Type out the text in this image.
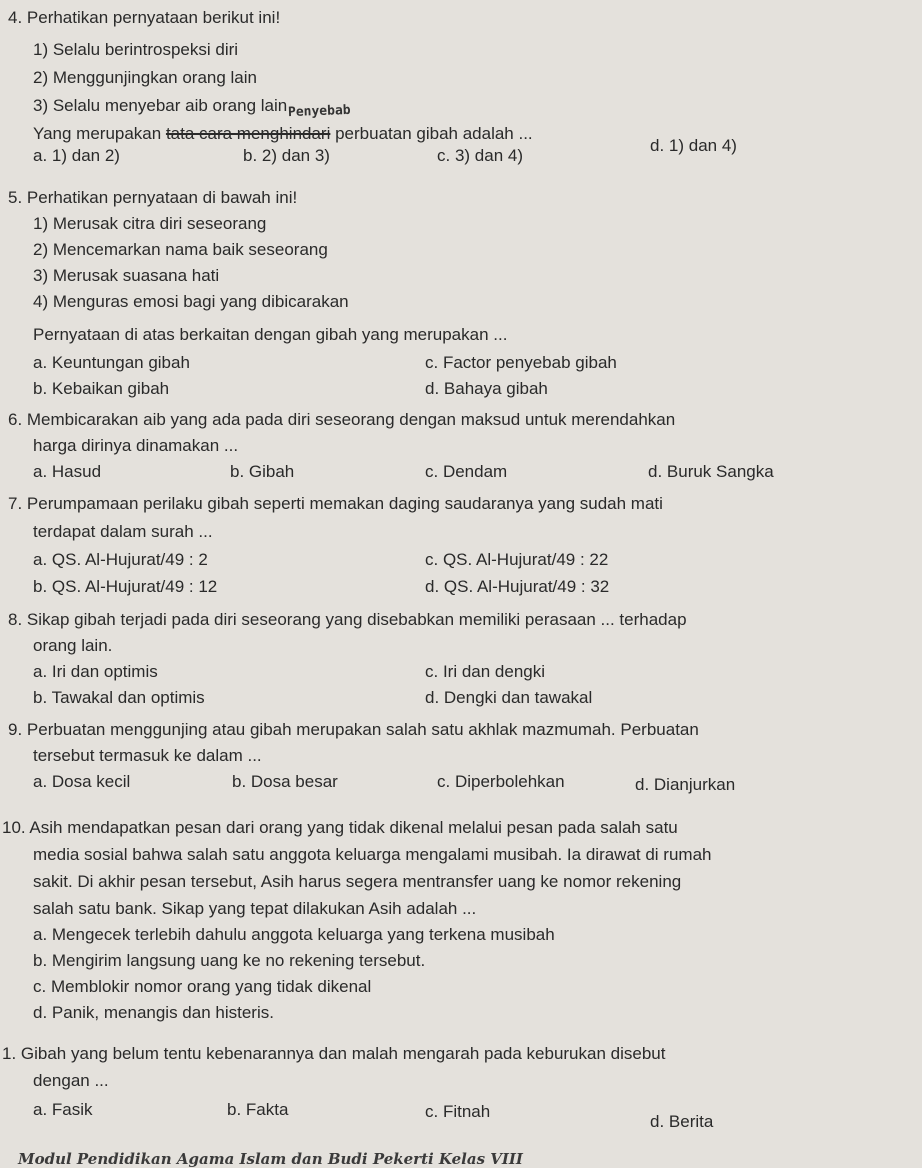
4. Perhatikan pernyataan berikut ini!
1) Selalu berintrospeksi diri
2) Menggunjingkan orang lain
3) Selalu menyebar aib orang lain Penyebab
Yang merupakan tata cara menghindari perbuatan gibah adalah ...
a. 1) dan 2)	b. 2) dan 3)	c. 3) dan 4)
d. 1) dan 4)
5. Perhatikan pernyataan di bawah ini!
1) Merusak citra diri seseorang
2) Mencemarkan nama baik seseorang
3) Merusak suasana hati
4) Menguras emosi bagi yang dibicarakan
Pernyataan di atas berkaitan dengan gibah yang merupakan ...
a. Keuntungan gibah	c. Factor penyebab gibah
b. Kebaikan gibah	d. Bahaya gibah
6. Membicarakan aib yang ada pada diri seseorang dengan maksud untuk merendahkan
harga dirinya dinamakan ...
a. Hasud	b. Gibah	c. Dendam	d. Buruk Sangka
7. Perumpamaan perilaku gibah seperti memakan daging saudaranya yang sudah mati
terdapat dalam surah ...
a. QS. Al-Hujurat/49 : 2	c. QS. Al-Hujurat/49 : 22
b. QS. Al-Hujurat/49 : 12	d. QS. Al-Hujurat/49 : 32
8. Sikap gibah terjadi pada diri seseorang yang disebabkan memiliki perasaan ... terhadap
orang lain.
a. Iri dan optimis	c. Iri dan dengki
b. Tawakal dan optimis	d. Dengki dan tawakal
9. Perbuatan menggunjing atau gibah merupakan salah satu akhlak mazmumah. Perbuatan
tersebut termasuk ke dalam ...
a. Dosa kecil	b. Dosa besar	c. Diperbolehkan	d. Dianjurkan
10. Asih mendapatkan pesan dari orang yang tidak dikenal melalui pesan pada salah satu
media sosial bahwa salah satu anggota keluarga mengalami musibah. Ia dirawat di rumah
sakit. Di akhir pesan tersebut, Asih harus segera mentransfer uang ke nomor rekening
salah satu bank. Sikap yang tepat dilakukan Asih adalah ...
a. Mengecek terlebih dahulu anggota keluarga yang terkena musibah
b. Mengirim langsung uang ke no rekening tersebut.
c. Memblokir nomor orang yang tidak dikenal
d. Panik, menangis dan histeris.
1. Gibah yang belum tentu kebenarannya dan malah mengarah pada keburukan disebut
dengan ...
a. Fasik	b. Fakta	c. Fitnah
d. Berita
Modul Pendidikan Agama Islam dan Budi Pekerti Kelas VIII
